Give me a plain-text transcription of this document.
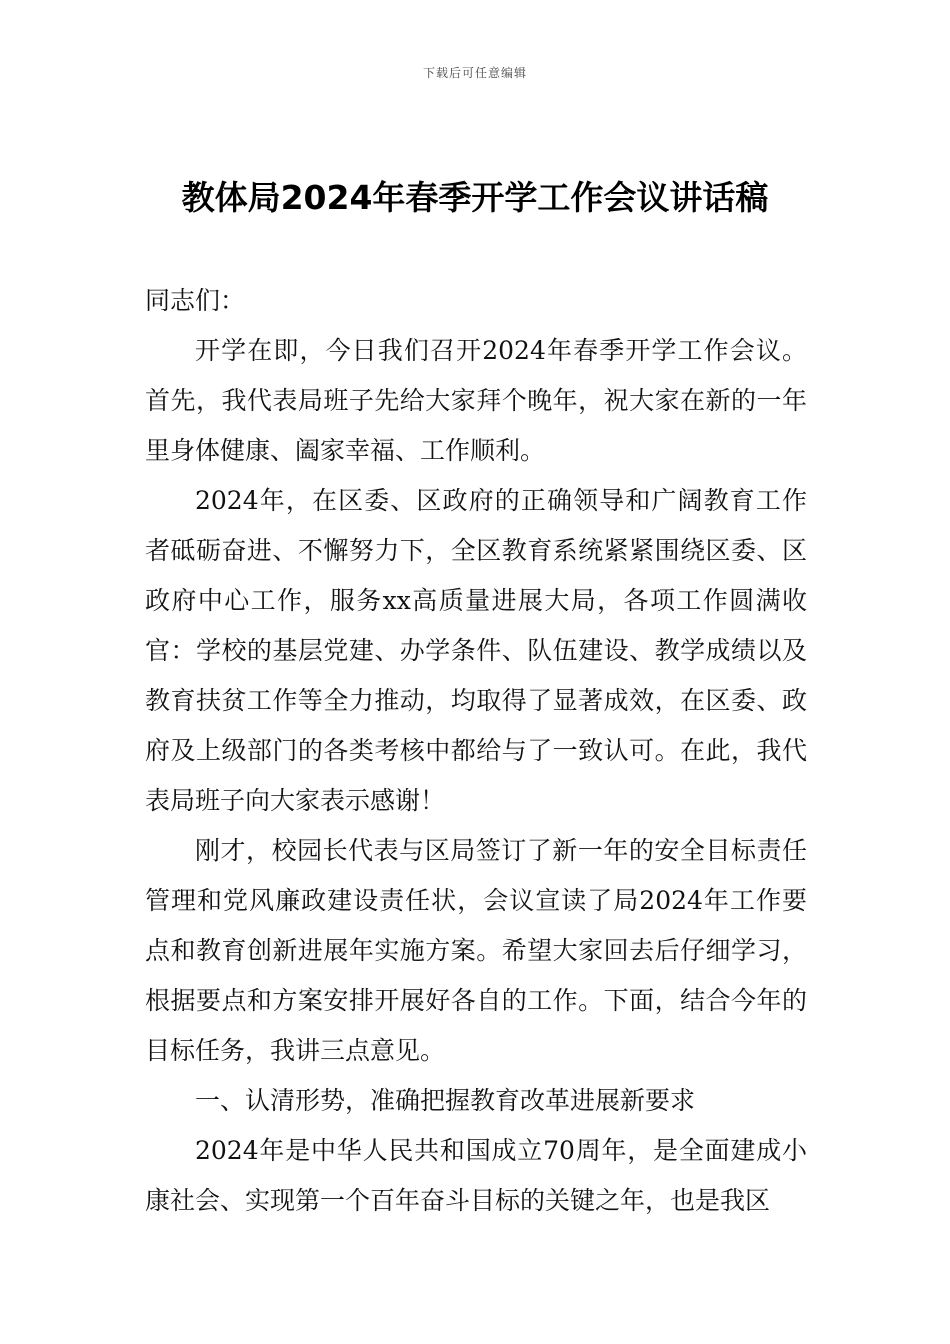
下载后可任意编辑
教体局2024年春季开学工作会议讲话稿

同志们：

开学在即，今日我们召开2024年春季开学工作会议。首先，我代表局班子先给大家拜个晚年，祝大家在新的一年里身体健康、阖家幸福、工作顺利。

2024年，在区委、区政府的正确领导和广阔教育工作者砥砺奋进、不懈努力下，全区教育系统紧紧围绕区委、区政府中心工作，服务xx高质量进展大局，各项工作圆满收官：学校的基层党建、办学条件、队伍建设、教学成绩以及教育扶贫工作等全力推动，均取得了显著成效，在区委、政府及上级部门的各类考核中都给与了一致认可。在此，我代表局班子向大家表示感谢！

刚才，校园长代表与区局签订了新一年的安全目标责任管理和党风廉政建设责任状，会议宣读了局2024年工作要点和教育创新进展年实施方案。希望大家回去后仔细学习，根据要点和方案安排开展好各自的工作。下面，结合今年的目标任务，我讲三点意见。

一、认清形势，准确把握教育改革进展新要求

2024年是中华人民共和国成立70周年，是全面建成小康社会、实现第一个百年奋斗目标的关键之年，也是我区
